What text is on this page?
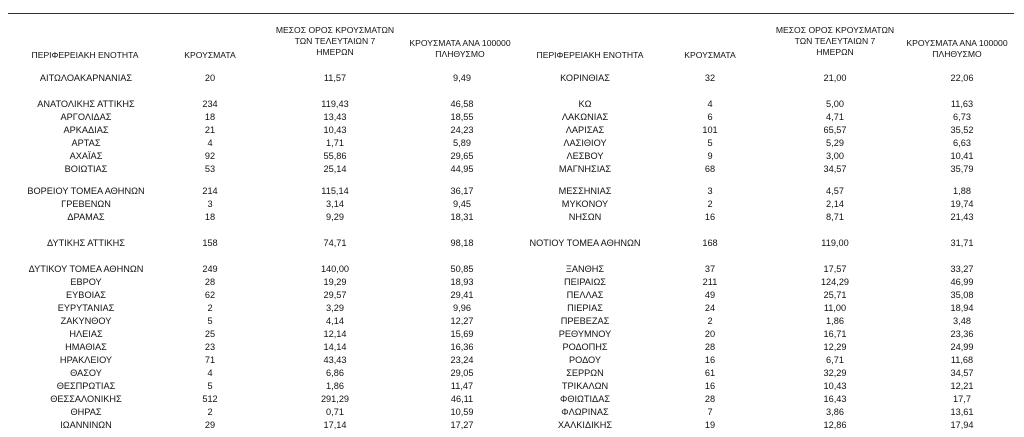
ΠΕΡΙΦΕΡΕΙΑΚΗ ΕΝΟΤΗΤΑ	ΚΡΟΥΣΜΑΤΑ
ΜΕΣΟΣ ΟΡΟΣ ΚΡΟΥΣΜΑΤΩΝ
ΤΩΝ ΤΕΛΕΥΤΑΙΩΝ 7
ΗΜΕΡΩΝ
ΚΡΟΥΣΜΑΤΑ ΑΝΑ 100000
ΠΛΗΘΥΣΜΟ	ΠΕΡΙΦΕΡΕΙΑΚΗ ΕΝΟΤΗΤΑ	ΚΡΟΥΣΜΑΤΑ
ΜΕΣΟΣ ΟΡΟΣ ΚΡΟΥΣΜΑΤΩΝ
ΤΩΝ ΤΕΛΕΥΤΑΙΩΝ 7
ΗΜΕΡΩΝ
ΚΡΟΥΣΜΑΤΑ ΑΝΑ 100000
ΠΛΗΘΥΣΜΟ
ΑΙΤΩΛΟΑΚΑΡΝΑΝΙΑΣ	20	11,57	9,49
ΑΝΑΤΟΛΙΚΗΣ ΑΤΤΙΚΗΣ	234	119,43	46,58
ΑΡΓΟΛΙΔΑΣ	18	13,43	18,55
ΑΡΚΑΔΙΑΣ	21	10,43	24,23
ΑΡΤΑΣ	4	1,71	5,89
ΑΧΑΪΑΣ	92	55,86	29,65
ΒΟΙΩΤΙΑΣ	53	25,14	44,95
ΒΟΡΕΙΟΥ ΤΟΜΕΑ ΑΘΗΝΩΝ	214	115,14	36,17
ΓΡΕΒΕΝΩΝ	3	3,14	9,45
ΔΡΑΜΑΣ	18	9,29	18,31
ΔΥΤΙΚΗΣ ΑΤΤΙΚΗΣ	158	74,71	98,18
ΔΥΤΙΚΟΥ ΤΟΜΕΑ ΑΘΗΝΩΝ	249	140,00	50,85
ΕΒΡΟΥ	28	19,29	18,93
ΕΥΒΟΙΑΣ	62	29,57	29,41
ΕΥΡΥΤΑΝΙΑΣ	2	3,29	9,96
ΖΑΚΥΝΘΟΥ	5	4,14	12,27
ΗΛΕΙΑΣ	25	12,14	15,69
ΗΜΑΘΙΑΣ	23	14,14	16,36
ΗΡΑΚΛΕΙΟΥ	71	43,43	23,24
ΘΑΣΟΥ	4	6,86	29,05
ΘΕΣΠΡΩΤΙΑΣ	5	1,86	11,47
ΘΕΣΣΑΛΟΝΙΚΗΣ	512	291,29	46,11
ΘΗΡΑΣ	2	0,71	10,59
ΙΩΑΝΝΙΝΩΝ	29	17,14	17,27
ΚΟΡΙΝΘΙΑΣ	32	21,00	22,06
ΚΩ	4	5,00	11,63
ΛΑΚΩΝΙΑΣ	6	4,71	6,73
ΛΑΡΙΣΑΣ	101	65,57	35,52
ΛΑΣΙΘΙΟΥ	5	5,29	6,63
ΛΕΣΒΟΥ	9	3,00	10,41
ΜΑΓΝΗΣΙΑΣ	68	34,57	35,79
ΜΕΣΣΗΝΙΑΣ	3	4,57	1,88
ΜΥΚΟΝΟΥ	2	2,14	19,74
ΝΗΣΩΝ	16	8,71	21,43
ΝΟΤΙΟΥ ΤΟΜΕΑ ΑΘΗΝΩΝ	168	119,00	31,71
ΞΑΝΘΗΣ	37	17,57	33,27
ΠΕΙΡΑΙΩΣ	211	124,29	46,99
ΠΕΛΛΑΣ	49	25,71	35,08
ΠΙΕΡΙΑΣ	24	11,00	18,94
ΠΡΕΒΕΖΑΣ	2	1,86	3,48
ΡΕΘΥΜΝΟΥ	20	16,71	23,36
ΡΟΔΟΠΗΣ	28	12,29	24,99
ΡΟΔΟΥ	16	6,71	11,68
ΣΕΡΡΩΝ	61	32,29	34,57
ΤΡΙΚΑΛΩΝ	16	10,43	12,21
ΦΘΙΩΤΙΔΑΣ	28	16,43	17,7
ΦΛΩΡΙΝΑΣ	7	3,86	13,61
ΧΑΛΚΙΔΙΚΗΣ	19	12,86	17,94
